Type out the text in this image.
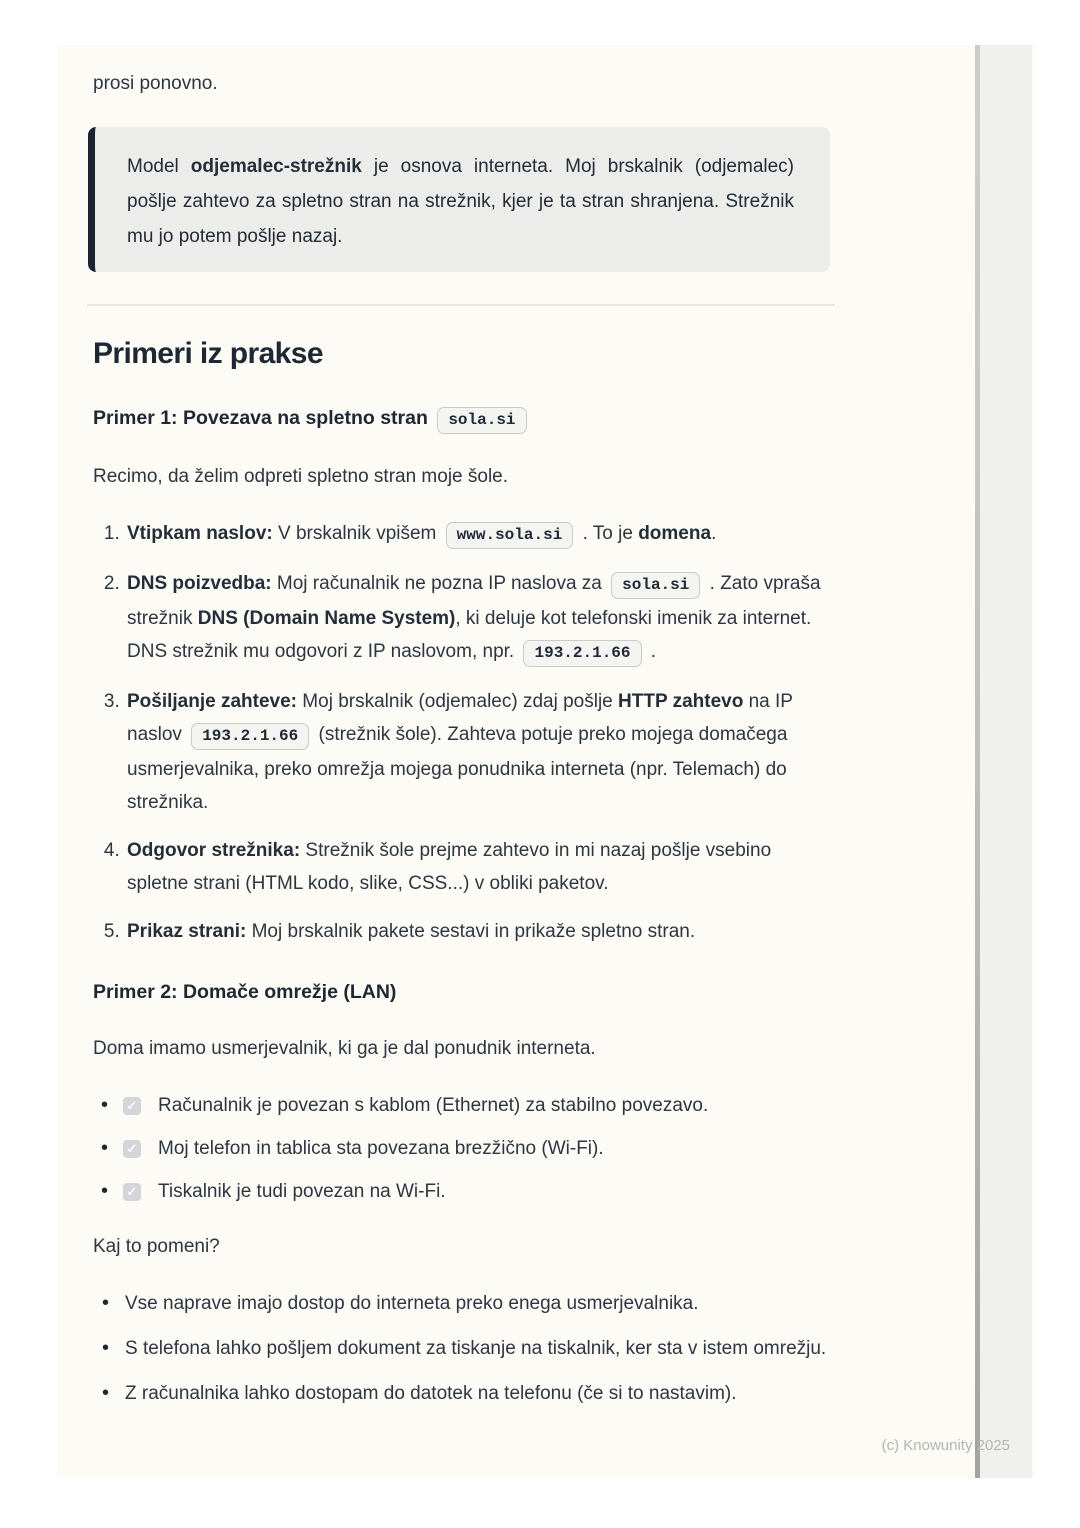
prosi ponovno.

Model odjemalec-strežnik je osnova interneta. Moj brskalnik (odjemalec) pošlje zahtevo za spletno stran na strežnik, kjer je ta stran shranjena. Strežnik mu jo potem pošlje nazaj.
Primeri iz prakse
Primer 1: Povezava na spletno stran sola.si

Recimo, da želim odpreti spletno stran moje šole.

1. Vtipkam naslov: V brskalnik vpišem www.sola.si . To je domena.
2. DNS poizvedba: Moj računalnik ne pozna IP naslova za sola.si . Zato vpraša strežnik DNS (Domain Name System), ki deluje kot telefonski imenik za internet. DNS strežnik mu odgovori z IP naslovom, npr. 193.2.1.66 .
3. Pošiljanje zahteve: Moj brskalnik (odjemalec) zdaj pošlje HTTP zahtevo na IP naslov 193.2.1.66 (strežnik šole). Zahteva potuje preko mojega domačega usmerjevalnika, preko omrežja mojega ponudnika interneta (npr. Telemach) do strežnika.
4. Odgovor strežnika: Strežnik šole prejme zahtevo in mi nazaj pošlje vsebino spletne strani (HTML kodo, slike, CSS...) v obliki paketov.
5. Prikaz strani: Moj brskalnik pakete sestavi in prikaže spletno stran.
Primer 2: Domače omrežje (LAN)

Doma imamo usmerjevalnik, ki ga je dal ponudnik interneta.

✓
• Računalnik je povezan s kablom (Ethernet) za stabilno povezavo.
✓
• Moj telefon in tablica sta povezana brezžično (Wi-Fi).
✓
• Tiskalnik je tudi povezan na Wi-Fi.

Kaj to pomeni?

• Vse naprave imajo dostop do interneta preko enega usmerjevalnika.
• S telefona lahko pošljem dokument za tiskanje na tiskalnik, ker sta v istem omrežju.
• Z računalnika lahko dostopam do datotek na telefonu (če si to nastavim).
(c) Knowunity 2025
